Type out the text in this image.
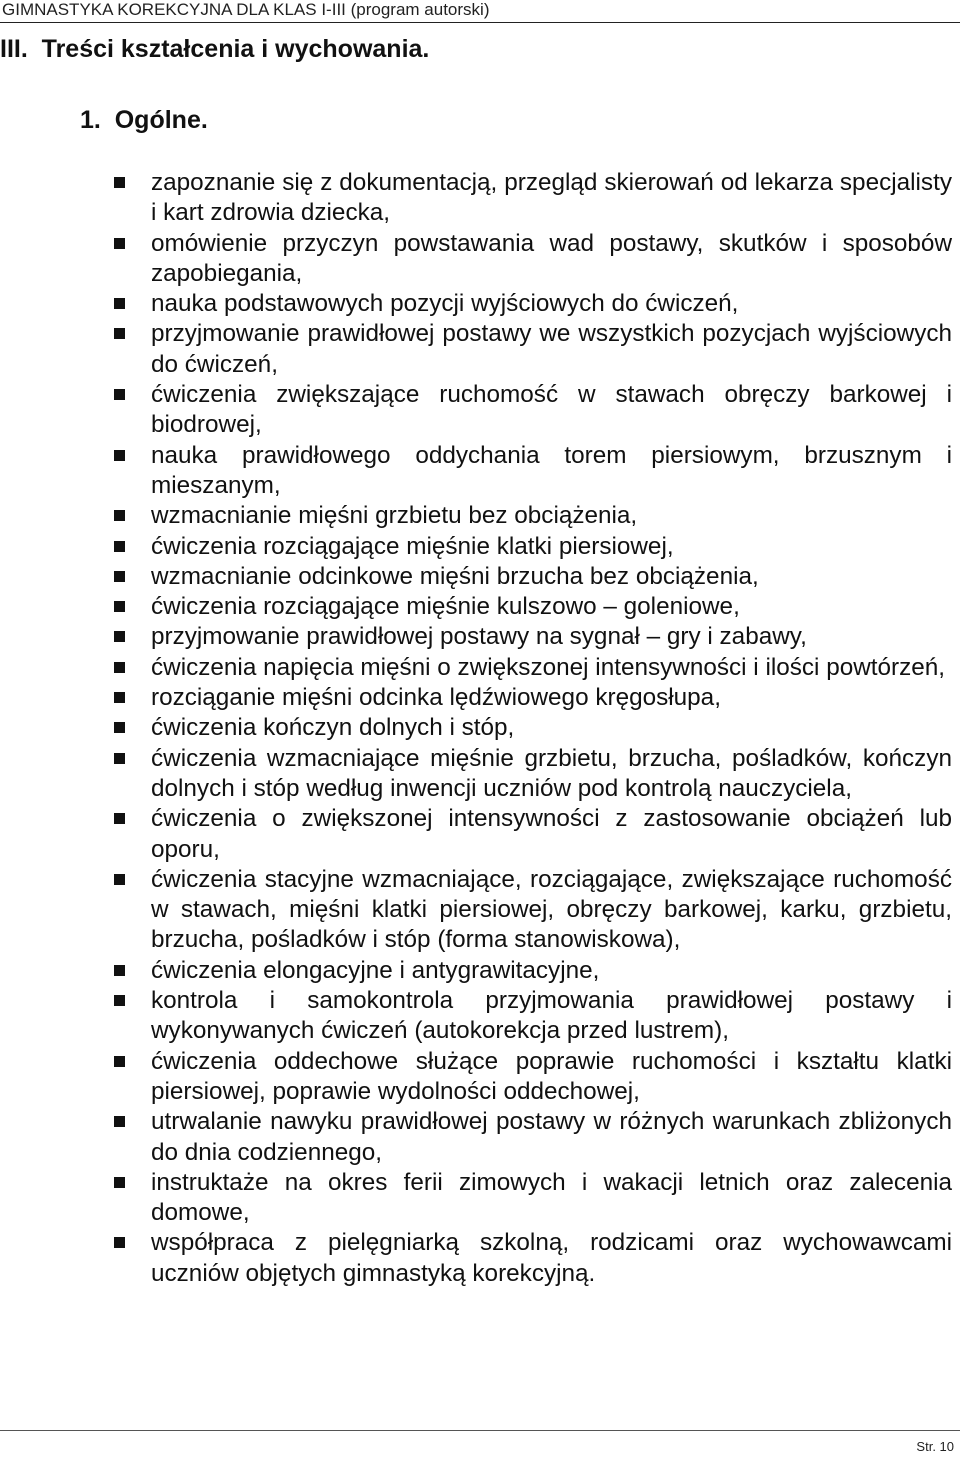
GIMNASTYKA KOREKCYJNA DLA KLAS I-III (program autorski)
III.  Treści kształcenia i wychowania.
1.  Ogólne.
zapoznanie się z dokumentacją, przegląd skierowań od lekarza specjalisty i kart zdrowia dziecka,
omówienie przyczyn powstawania wad postawy, skutków i sposobów zapobiegania,
nauka podstawowych pozycji wyjściowych do ćwiczeń,
przyjmowanie prawidłowej postawy we wszystkich pozycjach wyjściowych do ćwiczeń,
ćwiczenia zwiększające ruchomość w stawach obręczy barkowej i biodrowej,
nauka prawidłowego oddychania torem piersiowym, brzusznym i mieszanym,
wzmacnianie mięśni grzbietu bez obciążenia,
ćwiczenia rozciągające mięśnie klatki piersiowej,
wzmacnianie odcinkowe mięśni brzucha bez obciążenia,
ćwiczenia rozciągające mięśnie kulszowo – goleniowe,
przyjmowanie prawidłowej postawy na sygnał – gry i zabawy,
ćwiczenia napięcia mięśni o zwiększonej intensywności i ilości powtórzeń,
rozciąganie mięśni odcinka lędźwiowego kręgosłupa,
ćwiczenia kończyn dolnych i stóp,
ćwiczenia wzmacniające mięśnie grzbietu, brzucha, pośladków, kończyn dolnych i stóp według inwencji uczniów pod kontrolą nauczyciela,
ćwiczenia o zwiększonej intensywności z zastosowanie obciążeń lub oporu,
ćwiczenia stacyjne wzmacniające, rozciągające, zwiększające ruchomość w stawach, mięśni klatki piersiowej, obręczy barkowej, karku, grzbietu, brzucha, pośladków i stóp (forma stanowiskowa),
ćwiczenia elongacyjne i antygrawitacyjne,
kontrola i samokontrola przyjmowania prawidłowej postawy i wykonywanych ćwiczeń (autokorekcja przed lustrem),
ćwiczenia oddechowe służące poprawie ruchomości i kształtu klatki piersiowej, poprawie wydolności oddechowej,
utrwalanie nawyku prawidłowej postawy w różnych warunkach zbliżonych do dnia codziennego,
instruktaże na okres ferii zimowych i wakacji letnich oraz zalecenia domowe,
współpraca z pielęgniarką szkolną, rodzicami oraz wychowawcami uczniów objętych gimnastyką korekcyjną.
Str. 10
